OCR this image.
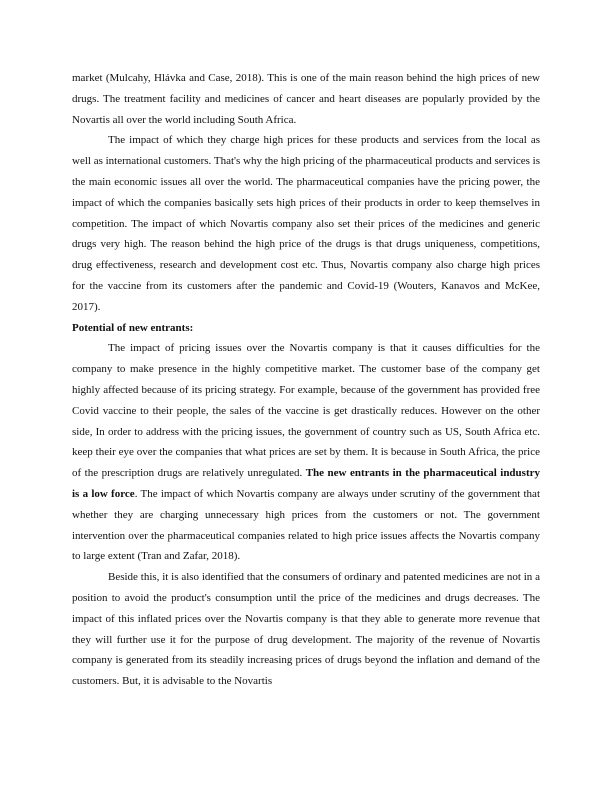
market (Mulcahy, Hlávka and Case, 2018). This is one of the main reason behind the high prices of new drugs. The treatment facility and medicines of cancer and heart diseases are popularly provided by the Novartis all over the world including South Africa.

The impact of which they charge high prices for these products and services from the local as well as international customers. That's why the high pricing of the pharmaceutical products and services is the main economic issues all over the world. The pharmaceutical companies have the pricing power, the impact of which the companies basically sets high prices of their products in order to keep themselves in competition. The impact of which Novartis company also set their prices of the medicines and generic drugs very high. The reason behind the high price of the drugs is that drugs uniqueness, competitions, drug effectiveness, research and development cost etc. Thus, Novartis company also charge high prices for the vaccine from its customers after the pandemic and Covid-19 (Wouters, Kanavos and McKee, 2017).

Potential of new entrants:

The impact of pricing issues over the Novartis company is that it causes difficulties for the company to make presence in the highly competitive market. The customer base of the company get highly affected because of its pricing strategy. For example, because of the government has provided free Covid vaccine to their people, the sales of the vaccine is get drastically reduces. However on the other side, In order to address with the pricing issues, the government of country such as US, South Africa etc. keep their eye over the companies that what prices are set by them. It is because in South Africa, the price of the prescription drugs are relatively unregulated. The new entrants in the pharmaceutical industry is a low force. The impact of which Novartis company are always under scrutiny of the government that whether they are charging unnecessary high prices from the customers or not. The government intervention over the pharmaceutical companies related to high price issues affects the Novartis company to large extent (Tran and Zafar, 2018).

Beside this, it is also identified that the consumers of ordinary and patented medicines are not in a position to avoid the product's consumption until the price of the medicines and drugs decreases. The impact of this inflated prices over the Novartis company is that they able to generate more revenue that they will further use it for the purpose of drug development. The majority of the revenue of Novartis company is generated from its steadily increasing prices of drugs beyond the inflation and demand of the customers. But, it is advisable to the Novartis
